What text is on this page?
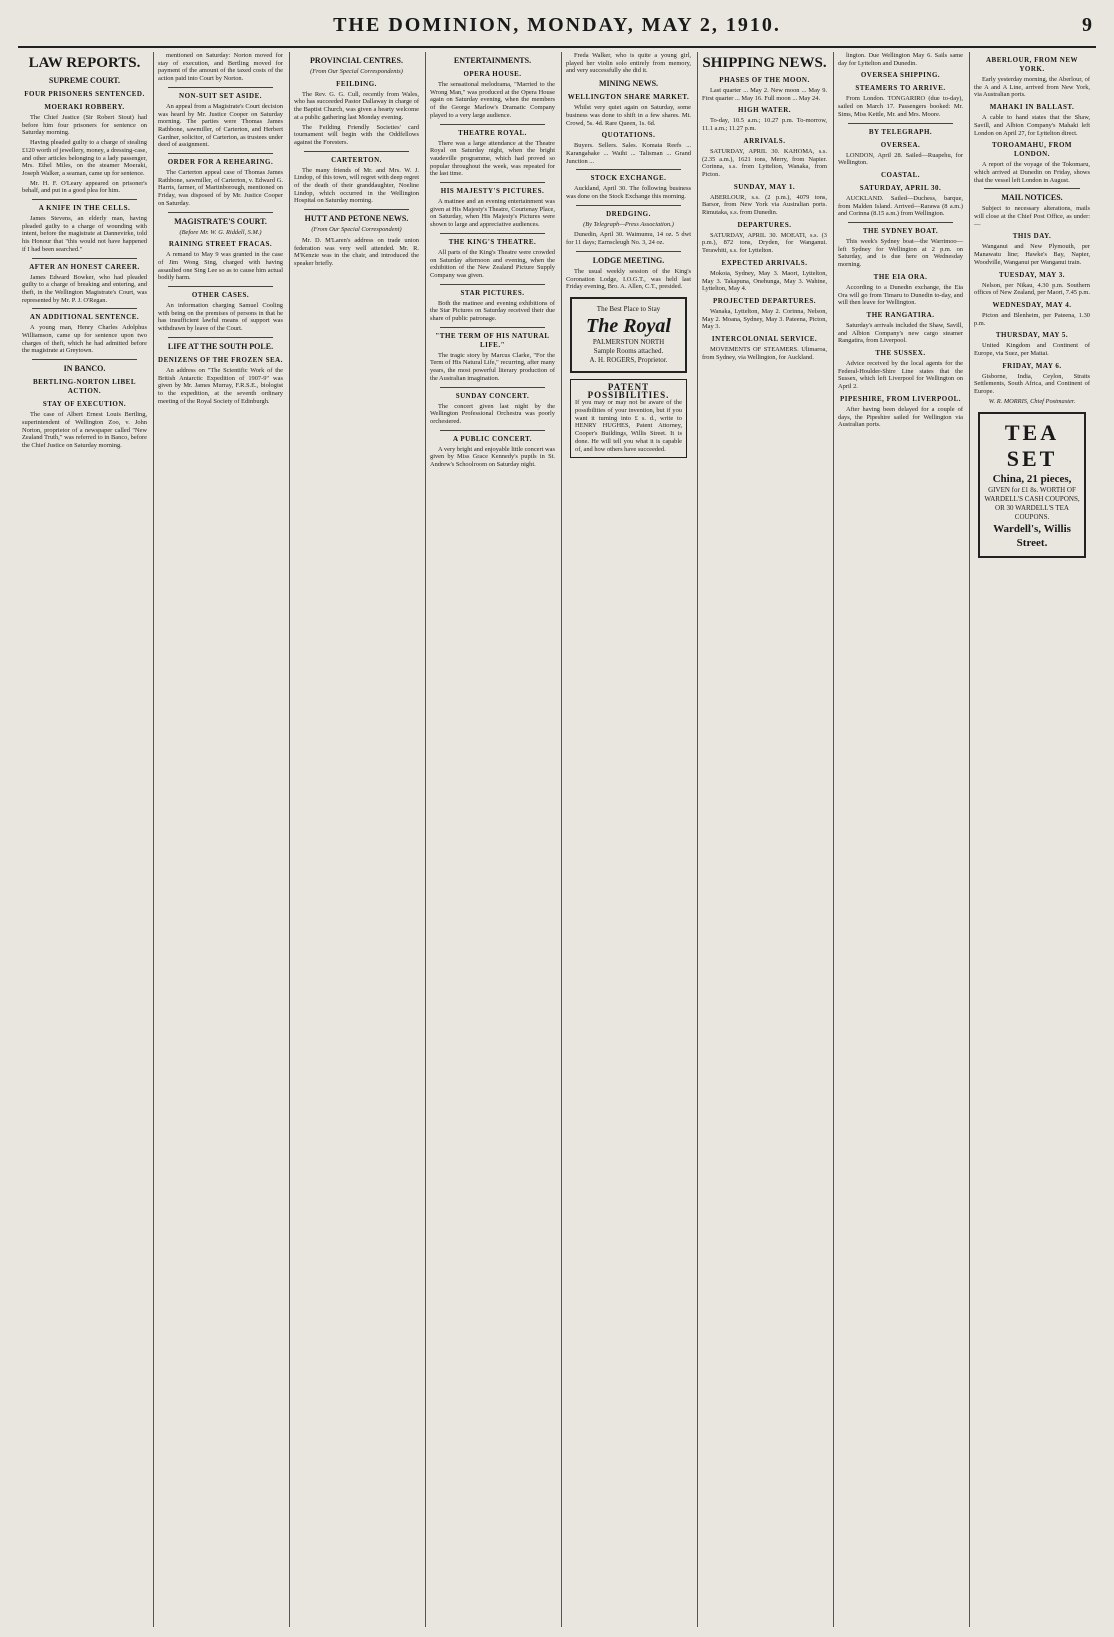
THE DOMINION, MONDAY, MAY 2, 1910.	9
LAW REPORTS.
SUPREME COURT.
FOUR PRISONERS SENTENCED.
MOERAKI ROBBERY.

The Chief Justice (Sir Robert Stout) had before him four prisoners for sentence on Saturday morning.

Having pleaded guilty to a charge of stealing £120 worth of jewellery, money, a dressing-case, and other articles belonging to a lady passenger, Mrs. Ethel Miles, on the steamer Moeraki, Joseph Walker, a seaman, came up for sentence.

Mr. H. F. O'Leary appeared on prisoner's behalf, and put in a good plea for him.

A KNIFE IN THE CELLS.

James Stevens, an elderly man, having pleaded guilty to a charge of wounding with intent, before the magistrate at Dannevirke, told his Honour that "this would not have happened if I had been searched."

AFTER AN HONEST CAREER.

James Edward Bowker, who had pleaded guilty to a charge of breaking and entering, and theft, in the Wellington Magistrate's Court, was represented by Mr. P. J. O'Regan.

AN ADDITIONAL SENTENCE.

A young man, Henry Charles Adolphus Williamson, came up for sentence upon two charges of theft, which he had admitted before the magistrate at Greytown.

IN BANCO.
BERTLING-NORTON LIBEL ACTION.
STAY OF EXECUTION.

The case of Albert Ernest Louis Bertling, superintendent of Wellington Zoo, v. John Norton, proprietor of a newspaper called "New Zealand Truth," was referred to in Banco, before the Chief Justice on Saturday morning.

mentioned on Saturday: Norton moved for stay of execution, and Bertling moved for payment of the amount of the taxed costs of the action paid into Court by Norton.

NON-SUIT SET ASIDE.

An appeal from a Magistrate's Court decision was heard by Mr. Justice Cooper on Saturday morning. The parties were Thomas James Rathbone, sawmiller, of Carterton, and Herbert Gardner, solicitor, of Carterton, as trustees under deed of assignment.

ORDER FOR A REHEARING.

The Carterton appeal case of Thomas James Rathbone, sawmiller, of Carterton, v. Edward G. Harris, farmer, of Martinborough, mentioned on Friday, was disposed of by Mr. Justice Cooper on Saturday.

MAGISTRATE'S COURT.
(Before Mr. W. G. Riddell, S.M.)
RAINING STREET FRACAS.

A remand to May 9 was granted in the case of Jim Wong Sing, charged with having assaulted one Sing Lee so as to cause him actual bodily harm.

OTHER CASES.

An information charging Samuel Cooling with being on the premises of persons in that he has insufficient lawful means of support was withdrawn by leave of the Court.

LIFE AT THE SOUTH POLE.
DENIZENS OF THE FROZEN SEA.

An address on "The Scientific Work of the British Antarctic Expedition of 1907-9" was given by Mr. James Murray, F.R.S.E., biologist to the expedition, at the seventh ordinary meeting of the Royal Society of Edinburgh.

PROVINCIAL CENTRES.
(From Our Special Correspondents)
FEILDING.

The Rev. G. G. Cull, recently from Wales, who has succeeded Pastor Dallaway in charge of the Baptist Church, was given a hearty welcome at a public gathering last Monday evening.

The Feilding Friendly Societies' card tournament will begin with the Oddfellows against the Foresters.

CARTERTON.

The many friends of Mr. and Mrs. W. J. Lindop, of this town, will regret with deep regret of the death of their granddaughter, Noeline Lindop, which occurred in the Wellington Hospital on Saturday morning.

HUTT AND PETONE NEWS.
(From Our Special Correspondent)

Mr. D. M'Laren's address on trade union federation was very well attended. Mr. R. M'Kenzie was in the chair, and introduced the speaker briefly.

ENTERTAINMENTS.
OPERA HOUSE.

The sensational melodrama, "Married to the Wrong Man," was produced at the Opera House again on Saturday evening, when the members of the George Marlow's Dramatic Company played to a very large audience.

THEATRE ROYAL.

There was a large attendance at the Theatre Royal on Saturday night, when the bright vaudeville programme, which had proved so popular throughout the week, was repeated for the last time.

HIS MAJESTY'S PICTURES.

A matinee and an evening entertainment was given at His Majesty's Theatre, Courtenay Place, on Saturday, when His Majesty's Pictures were shown to large and appreciative audiences.

THE KING'S THEATRE.

All parts of the King's Theatre were crowded on Saturday afternoon and evening, when the exhibition of the New Zealand Picture Supply Company was given.

STAR PICTURES.

Both the matinee and evening exhibitions of the Star Pictures on Saturday received their due share of public patronage.

"THE TERM OF HIS NATURAL LIFE."

The tragic story by Marcus Clarke, "For the Term of His Natural Life," recurring, after many years, the most powerful literary production of the Australian imagination.

SUNDAY CONCERT.

The concert given last night by the Wellington Professional Orchestra was poorly orchestered.

A PUBLIC CONCERT.

A very bright and enjoyable little concert was given by Miss Grace Kennedy's pupils in St. Andrew's Schoolroom on Saturday night.

Freda Walker, who is quite a young girl, played her violin solo entirely from memory, and very successfully she did it.

MINING NEWS.
WELLINGTON SHARE MARKET.

Whilst very quiet again on Saturday, some business was done to shift in a few shares. Mt. Crowd, 5s. 4d. Rare Queen, 1s. 6d.

QUOTATIONS.

Buyers. Sellers. Sales. Komata Reefs ... Karangahake ... Waihi ... Talisman ... Grand Junction ...

STOCK EXCHANGE.

Auckland, April 30. The following business was done on the Stock Exchange this morning.

DREDGING.
(By Telegraph—Press Association.)

Dunedin, April 30. Waimumu, 14 oz. 5 dwt for 11 days; Earnscleugh No. 3, 24 oz.

LODGE MEETING.

The usual weekly session of the King's Coronation Lodge, I.O.G.T., was held last Friday evening, Bro. A. Allen, C.T., presided.

The Best Place to Stay
The Royal
PALMERSTON NORTH
Sample Rooms attached.
A. H. ROGERS, Proprietor.
PATENT POSSIBILITIES.
If you may or may not be aware of the possibilities of your invention, but if you want it turning into £ s. d., write to HENRY HUGHES, Patent Attorney, Cooper's Buildings, Willis Street. It is done. He will tell you what it is capable of, and how others have succeeded.
SHIPPING NEWS.
PHASES OF THE MOON.

Last quarter ... May 2. New moon ... May 9. First quarter ... May 16. Full moon ... May 24.

HIGH WATER.

To-day, 10.5 a.m.; 10.27 p.m. To-morrow, 11.1 a.m.; 11.27 p.m.

ARRIVALS.

SATURDAY, APRIL 30. KAHOMA, s.s. (2.35 a.m.), 1621 tons, Merry, from Napier. Corinna, s.s. from Lyttelton, Wanaka, from Picton.

SUNDAY, MAY 1.

ABERLOUR, s.s. (2 p.m.), 4079 tons, Barsor, from New York via Australian ports. Rimutaka, s.s. from Dunedin.

DEPARTURES.

SATURDAY, APRIL 30. MOEATI, s.s. (3 p.m.), 872 tons, Dryden, for Wanganui. Terawhiti, s.s. for Lyttelton.

EXPECTED ARRIVALS.

Mokoia, Sydney, May 3. Maori, Lyttelton, May 3. Takapuna, Onehunga, May 3. Wahine, Lyttelton, May 4.

PROJECTED DEPARTURES.

Wanaka, Lyttelton, May 2. Corinna, Nelson, May 2. Moana, Sydney, May 3. Pateena, Picton, May 3.

INTERCOLONIAL SERVICE.

MOVEMENTS OF STEAMERS. Ulimaroa, from Sydney, via Wellington, for Auckland.

lington. Due Wellington May 6. Sails same day for Lyttelton and Dunedin.

OVERSEA SHIPPING.
STEAMERS TO ARRIVE.

From London. TONGARIRO (due to-day), sailed on March 17. Passengers booked: Mr. Sims, Miss Kettle, Mr. and Mrs. Moore.

BY TELEGRAPH.
OVERSEA.

LONDON, April 28. Sailed—Ruapehu, for Wellington.

COASTAL.
SATURDAY, APRIL 30.

AUCKLAND. Sailed—Duchess, barque, from Malden Island. Arrived—Rarawa (8 a.m.) and Corinna (8.15 a.m.) from Wellington.

THE SYDNEY BOAT.

This week's Sydney boat—the Warrimoo—left Sydney for Wellington at 2 p.m. on Saturday, and is due here on Wednesday morning.

THE EIA ORA.

According to a Dunedin exchange, the Eia Ora will go from Timaru to Dunedin to-day, and will then leave for Wellington.

THE RANGATIRA.

Saturday's arrivals included the Shaw, Savill, and Albion Company's new cargo steamer Rangatira, from Liverpool.

THE SUSSEX.

Advice received by the local agents for the Federal-Houlder-Shire Line states that the Sussex, which left Liverpool for Wellington on April 2.

PIPESHIRE, FROM LIVERPOOL.

After having been delayed for a couple of days, the Pipeshire sailed for Wellington via Australian ports.

ABERLOUR, FROM NEW YORK.

Early yesterday morning, the Aberlour, of the A and A Line, arrived from New York, via Australian ports.

MAHAKI IN BALLAST.

A cable to hand states that the Shaw, Savill, and Albion Company's Mahaki left London on April 27, for Lyttelton direct.

TOROAMAHU, FROM LONDON.

A report of the voyage of the Tokomaru, which arrived at Dunedin on Friday, shows that the vessel left London in August.

MAIL NOTICES.

Subject to necessary alterations, mails will close at the Chief Post Office, as under:—

THIS DAY.

Wanganui and New Plymouth, per Manawatu line; Hawke's Bay, Napier, Woodville, Wanganui per Wanganui train.

TUESDAY, MAY 3.

Nelson, per Nikau, 4.30 p.m. Southern offices of New Zealand, per Maori, 7.45 p.m.

WEDNESDAY, MAY 4.

Picton and Blenheim, per Pateena, 1.30 p.m.

THURSDAY, MAY 5.

United Kingdom and Continent of Europe, via Suez, per Maitai.

FRIDAY, MAY 6.

Gisborne, India, Ceylon, Straits Settlements, South Africa, and Continent of Europe.

W. R. MORRIS, Chief Postmaster.
TEA SET
China, 21 pieces,
GIVEN for £1 8s. WORTH OF WARDELL'S CASH COUPONS, OR 30 WARDELL'S TEA COUPONS.
Wardell's, Willis Street.
